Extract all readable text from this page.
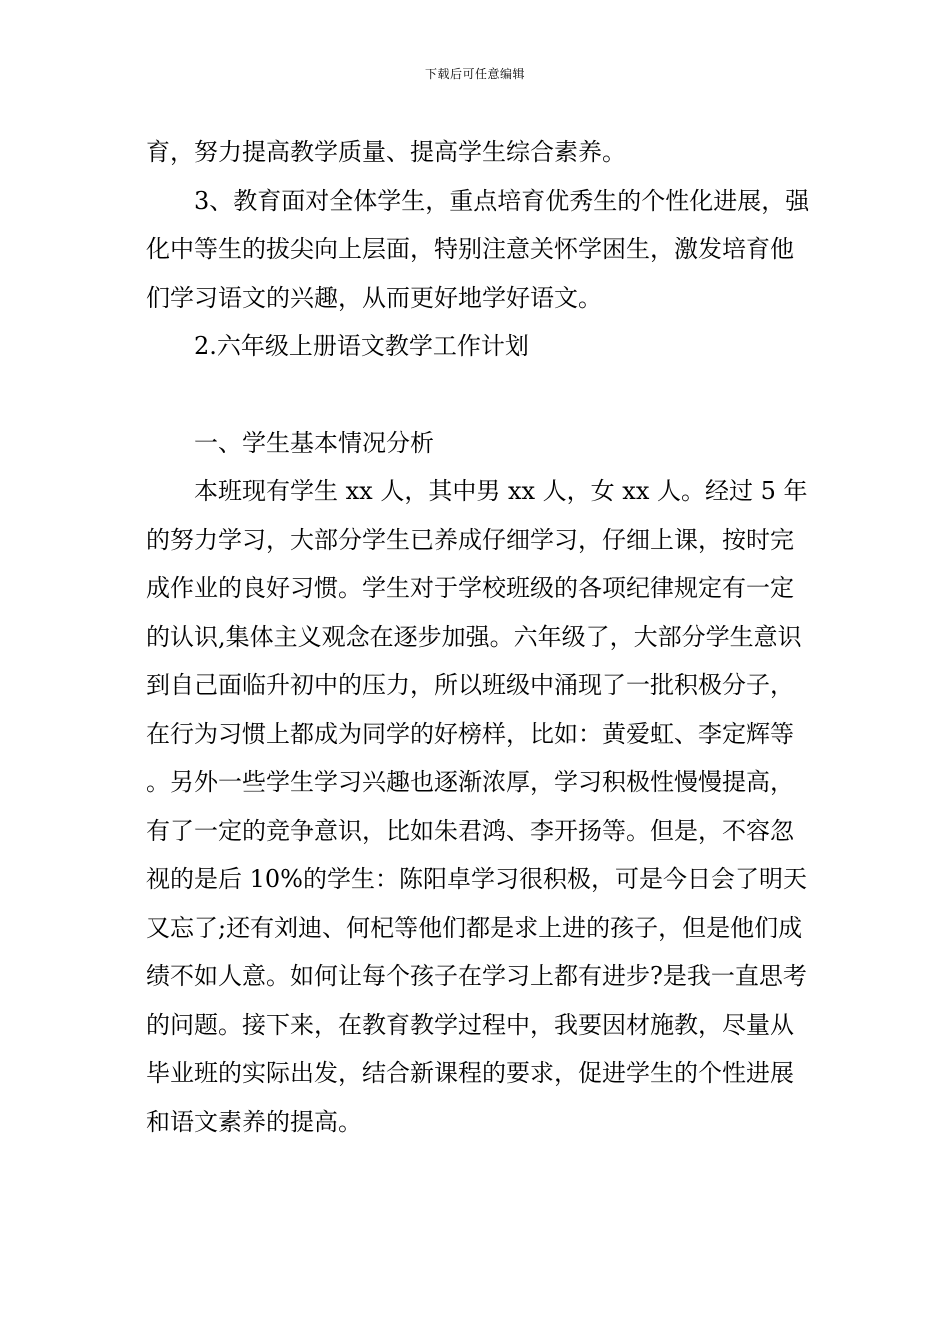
下载后可任意编辑

育，努力提高教学质量、提高学生综合素养。

3、教育面对全体学生，重点培育优秀生的个性化进展，强化中等生的拔尖向上层面，特别注意关怀学困生，激发培育他们学习语文的兴趣，从而更好地学好语文。

2.六年级上册语文教学工作计划

一、学生基本情况分析

本班现有学生 xx 人，其中男 xx 人，女 xx 人。经过 5 年的努力学习，大部分学生已养成仔细学习，仔细上课，按时完成作业的良好习惯。学生对于学校班级的各项纪律规定有一定的认识,集体主义观念在逐步加强。六年级了，大部分学生意识到自己面临升初中的压力，所以班级中涌现了一批积极分子，在行为习惯上都成为同学的好榜样，比如：黄爱虹、李定辉等。另外一些学生学习兴趣也逐渐浓厚，学习积极性慢慢提高，有了一定的竞争意识，比如朱君鸿、李开扬等。但是，不容忽视的是后 10%的学生：陈阳卓学习很积极，可是今日会了明天又忘了;还有刘迪、何杞等他们都是求上进的孩子，但是他们成绩不如人意。如何让每个孩子在学习上都有进步?是我一直思考的问题。接下来，在教育教学过程中，我要因材施教，尽量从毕业班的实际出发，结合新课程的要求，促进学生的个性进展和语文素养的提高。
